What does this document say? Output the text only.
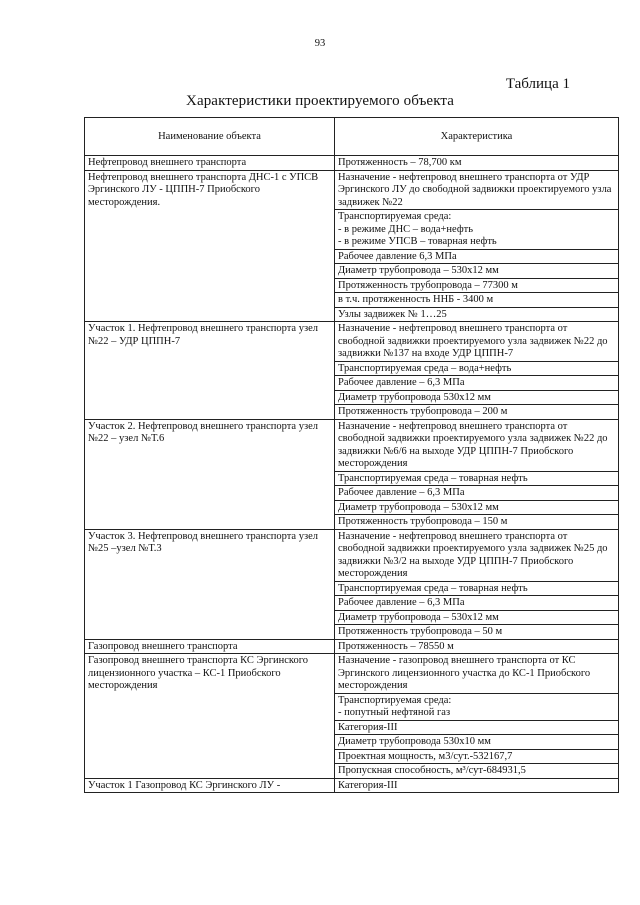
93
Таблица 1
Характеристики проектируемого объекта
Наименование объекта	Характеристика
Нефтепровод внешнего транспорта	Протяженность – 78,700 км
Нефтепровод внешнего транспорта ДНС-1 с УПСВ Эргинского ЛУ - ЦППН-7 Приобского месторождения.	Назначение - нефтепровод внешнего транспорта от УДР Эргинского ЛУ до свободной задвижки проектируемого узла задвижек №22
	Транспортируемая среда:
- в режиме ДНС – вода+нефть
- в режиме УПСВ – товарная нефть
	Рабочее давление 6,3 МПа
	Диаметр трубопровода – 530х12 мм
	Протяженность трубопровода – 77300 м
	в т.ч. протяженность ННБ - 3400 м
	Узлы задвижек № 1…25
Участок 1. Нефтепровод внешнего транспорта узел №22 – УДР ЦППН-7	Назначение - нефтепровод внешнего транспорта от свободной задвижки проектируемого узла задвижек №22 до задвижки №137 на входе УДР ЦППН-7
	Транспортируемая среда – вода+нефть
	Рабочее давление – 6,3 МПа
	Диаметр трубопровода 530х12 мм
	Протяженность трубопровода – 200 м
Участок 2. Нефтепровод внешнего транспорта узел №22 – узел №Т.6	Назначение - нефтепровод внешнего транспорта от свободной задвижки проектируемого узла задвижек №22 до задвижки №6/6 на выходе УДР ЦППН-7 Приобского месторождения
	Транспортируемая среда – товарная нефть
	Рабочее давление – 6,3 МПа
	Диаметр трубопровода – 530х12 мм
	Протяженность трубопровода – 150 м
Участок 3. Нефтепровод внешнего транспорта узел №25 –узел №Т.3	Назначение - нефтепровод внешнего транспорта от свободной задвижки проектируемого узла задвижек №25 до задвижки №3/2 на выходе УДР ЦППН-7 Приобского месторождения
	Транспортируемая среда – товарная нефть
	Рабочее давление – 6,3 МПа
	Диаметр трубопровода – 530х12 мм
	Протяженность трубопровода – 50 м
Газопровод внешнего транспорта	Протяженность – 78550 м
Газопровод внешнего транспорта КС Эргинского лицензионного участка – КС-1 Приобского месторождения	Назначение - газопровод внешнего транспорта от КС Эргинского лицензионного участка до КС-1 Приобского месторождения
	Транспортируемая среда:
- попутный нефтяной газ
	Категория-III
	Диаметр трубопровода 530х10 мм
	Проектная мощность, м3/сут.-532167,7
	Пропускная способность, м³/сут-684931,5
Участок 1 Газопровод КС Эргинского ЛУ -	Категория-III
